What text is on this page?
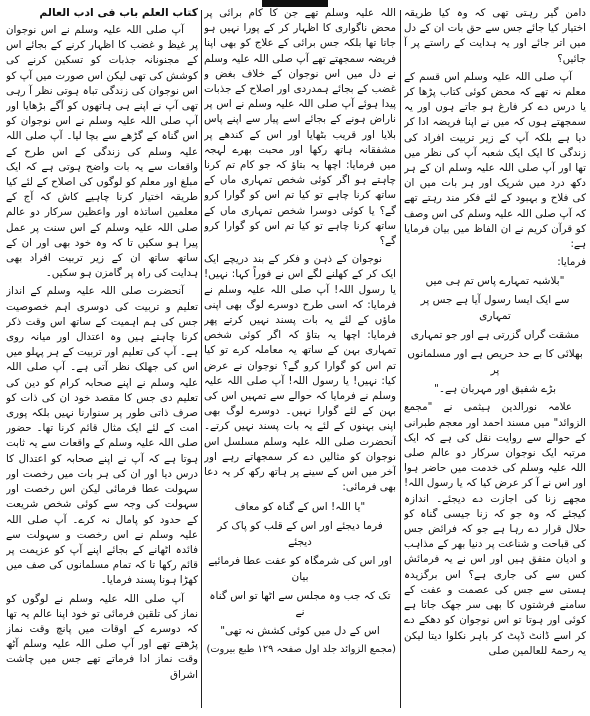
دامن گیر رہتی تھی کہ وہ کیا طریقہ اختیار کیا جائے جس سے حق بات ان کے دل میں اتر جائے اور یہ ہدایت کے راستے پر آ جائیں؟

آپ صلی اللہ علیہ وسلم اس قسم کے معلم نہ تھے کہ محض کوئی کتاب پڑھا کر یا درس دے کر فارغ ہو جاتے ہوں اور یہ سمجھتے ہوں کہ میں نے اپنا فریضہ ادا کر دیا ہے بلکہ آپ کے زیر تربیت افراد کی زندگی کا ایک ایک شعبہ آپ کی نظر میں تھا اور آپ صلی اللہ علیہ وسلم ان کے ہر دکھ درد میں شریک اور ہر بات میں ان کی فلاح و بہبود کے لئے فکر مند رہتے تھے کہ آپ صلی اللہ علیہ وسلم کی اس وصف کو قرآن کریم نے ان الفاظ میں بیان فرمایا ہے:

فرمایا:

"بلاشبہ تمہارے پاس تم ہی میں
سے ایک ایسا رسول آیا ہے جس پر تمہاری
مشقت گراں گزرتی ہے اور جو تمہاری
بھلائی کا بے حد حریص ہے اور مسلمانوں پر
بڑے شفیق اور مہربان ہے۔"

علامہ نورالدین ہیثمی نے "مجمع الزوائد" میں مسند احمد اور معجم طبرانی کے حوالے سے روایت نقل کی ہے کہ ایک مرتبہ ایک نوجوان سرکار دو عالم صلی اللہ علیہ وسلم کی خدمت میں حاضر ہوا اور اس نے آ کر عرض کیا کہ یا رسول اللہ! مجھے زنا کی اجازت دے دیجئے۔ اندازہ کیجئے کہ وہ جو کہ زنا جیسی گناہ کو حلال قرار دے رہا ہے جو کہ فرائض جس کی قباحت و شناعت پر دنیا بھر کے مذاہب و ادیان متفق ہیں اور اس نے یہ فرمائش کس سے کی جاری ہے؟ اس برگزیدہ ہستی سے جس کی عصمت و عفت کے سامنے فرشتوں کا بھی سر جھک جاتا ہے کوئی اور ہوتا تو اس نوجوان کو دھکے دے کر اسے ڈانٹ ڈپٹ کر باہر نکلوا دیتا لیکن یہ رحمۃ للعالمین صلی

اللہ علیہ وسلم تھے جن کا کام برائی پر محض ناگواری کا اظہار کر کے پورا نہیں ہو جاتا تھا بلکہ جس برائی کے علاج کو بھی اپنا فریضہ سمجھتے تھے آپ صلی اللہ علیہ وسلم نے دل میں اس نوجوان کے خلاف بغض و غضب کے بجائے ہمدردی اور اصلاح کے جذبات پیدا ہوئے آپ صلی اللہ علیہ وسلم نے اس پر ناراض ہونے کے بجائے اسے پیار سے اپنے پاس بلایا اور قریب بٹھایا اور اس کے کندھے پر مشفقانہ ہاتھ رکھا اور محبت بھرے لہجہ میں فرمایا: اچھا یہ بتاؤ کہ جو کام تم کرنا چاہتے ہو اگر کوئی شخص تمہاری ماں کے ساتھ کرنا چاہے تو کیا تم اس کو گوارا کرو گے؟ یا کوئی دوسرا شخص تمہاری ماں کے ساتھ کرنا چاہے تو کیا تم اس کو گوارا کرو گے؟

نوجوان کے ذہن و فکر کے بند دریچے ایک ایک کر کے کھلنے لگے اس نے فوراً کہا: نہیں! یا رسول اللہ! آپ صلی اللہ علیہ وسلم نے فرمایا: کہ اسی طرح دوسرے لوگ بھی اپنی ماؤں کے لئے یہ بات پسند نہیں کرتے پھر فرمایا: اچھا یہ بتاؤ کہ اگر کوئی شخص تمہاری بہن کے ساتھ یہ معاملہ کرے تو کیا تم اس کو گوارا کرو گے؟ نوجوان نے عرض کیا: نہیں! یا رسول اللہ! آپ صلی اللہ علیہ وسلم نے فرمایا کہ حوالے سے تمہیں اس کی بہن کے لئے گوارا نہیں۔ دوسرے لوگ بھی اپنی بہنوں کے لئے یہ بات پسند نہیں کرتے۔ آنحضرت صلی اللہ علیہ وسلم مسلسل اس نوجوان کو مثالیں دے کر سمجھاتے رہے اور آخر میں اس کے سینے پر ہاتھ رکھ کر یہ دعا بھی فرمائی:

"یا اللہ! اس کے گناہ کو معاف
فرما دیجئے اور اس کے قلب کو پاک کر دیجئے
اور اس کی شرمگاہ کو عفت عطا فرمائیے بیان
تک کہ جب وہ مجلس سے اٹھا تو اس گناہ نے
اس کے دل میں کوئی کشش نہ تھی"

(مجمع الزوائد جلد اول صفحہ ۱۲۹ طبع بیروت)

کتاب العلم باب فی ادب العالم

آپ صلی اللہ علیہ وسلم نے اس نوجوان پر غیظ و غضب کا اظہار کرنے کے بجائے اس کے مجنونانہ جذبات کو تسکین کرنے کی کوشش کی تھی لیکن اس صورت میں آپ کو اس نوجوان کی زندگی تباہ ہوتی نظر آ رہی تھی آپ نے اپنے ہی ہاتھوں کو آگے بڑھایا اور آپ صلی اللہ علیہ وسلم نے اس نوجوان کو اس گناہ کے گڑھے سے بچا لیا۔ آپ صلی اللہ علیہ وسلم کی زندگی کے اس طرح کے واقعات سے یہ بات واضح ہوتی ہے کہ ایک مبلغ اور معلم کو لوگوں کی اصلاح کے لئے کیا طریقہ اختیار کرنا چاہیے کاش کہ آج کے معلمین اساتذہ اور واعظین سرکار دو عالم صلی اللہ علیہ وسلم کے اس سنت پر عمل پیرا ہو سکیں تا کہ وہ خود بھی اور ان کے ساتھ ساتھ ان کے زیر تربیت افراد بھی ہدایت کی راہ پر گامزن ہو سکیں۔

آنحضرت صلی اللہ علیہ وسلم کے انداز تعلیم و تربیت کی دوسری اہم خصوصیت جس کی ہم اہمیت کے ساتھ اس وقت ذکر کرنا چاہتے ہیں وہ اعتدال اور میانہ روی ہے۔ آپ کی تعلیم اور تربیت کے ہر پہلو میں اس کی جھلک نظر آتی ہے۔ آپ صلی اللہ علیہ وسلم نے اپنے صحابہ کرام کو دین کی تعلیم دی جس کا مقصد خود ان کی ذات کو صرف ذاتی طور پر سنوارنا نہیں بلکہ پوری امت کے لئے ایک مثال قائم کرنا تھا۔ حضور صلی اللہ علیہ وسلم کے واقعات سے یہ ثابت ہوتا ہے کہ آپ نے اپنے صحابہ کو اعتدال کا درس دیا اور ان کی ہر بات میں رخصت اور سہولت عطا فرمائی لیکن اس رخصت اور سہولت کی وجہ سے کوئی شخص شریعت کے حدود کو پامال نہ کرے۔ آپ صلی اللہ علیہ وسلم نے اس رخصت و سہولت سے فائدہ اٹھانے کے بجائے اپنے آپ کو عزیمت پر قائم رکھا تا کہ تمام مسلمانوں کی صف میں کھڑا ہونا پسند فرمایا۔

آپ صلی اللہ علیہ وسلم نے لوگوں کو نماز کی تلقین فرمائی تو خود اپنا عالم یہ تھا کہ دوسرے کے اوقات میں پانچ وقت نماز پڑھتے تھے اور آپ صلی اللہ علیہ وسلم آٹھ وقت نماز ادا فرماتے تھے جس میں چاشت اشراق
